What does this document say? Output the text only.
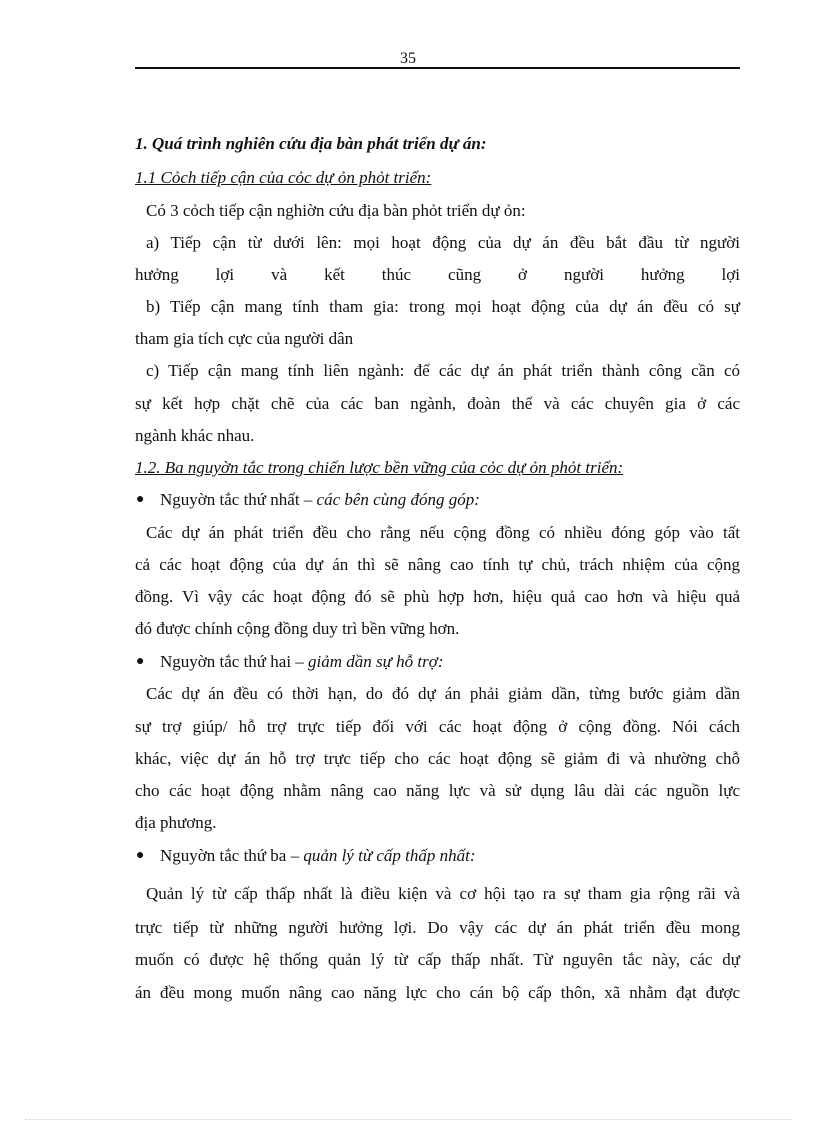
35
1. Quá trình nghiên cứu địa bàn phát triển dự án:
1.1 Cỏch tiếp cận của cỏc dự ỏn phỏt triển:
Có 3 cỏch tiếp cận nghiờn cứu địa bàn phỏt triển dự ỏn:
a) Tiếp cận từ dưới lên: mọi hoạt động của dự án đều bắt đầu từ người
hưởng lợi và kết thúc cũng ở người hưởng lợi
b) Tiếp cận mang tính tham gia: trong mọi hoạt động của dự án đều có sự
tham gia tích cực của người dân
c) Tiếp cận mang tính liên ngành: để các dự án phát triển thành công cần có
sự kết hợp chặt chẽ của các ban ngành, đoàn thể và các chuyên gia ở các
ngành khác nhau.
1.2. Ba nguyờn tắc trong chiến lược bền vững của cỏc dự ỏn phỏt triển:
● Nguyờn tắc thứ nhất – các bên cùng đóng góp:
Các dự án phát triển đều cho rằng nếu cộng đồng có nhiều đóng góp vào tất
cả các hoạt động của dự án thì sẽ nâng cao tính tự chủ, trách nhiệm của cộng
đồng. Vì vậy các hoạt động đó sẽ phù hợp hơn, hiệu quả cao hơn và hiệu quả
đó được chính cộng đồng duy trì bền vững hơn.
● Nguyờn tắc thứ hai – giảm dần sự hỗ trợ:
Các dự án đều có thời hạn, do đó dự án phải giảm dần, từng bước giảm dần
sự trợ giúp/ hỗ trợ trực tiếp đối với các hoạt động ở cộng đồng. Nói cách
khác, việc dự án hỗ trợ trực tiếp cho các hoạt động sẽ giảm đi và nhường chỗ
cho các hoạt động nhằm nâng cao năng lực và sử dụng lâu dài các nguồn lực
địa phương.
● Nguyờn tắc thứ ba – quản lý từ cấp thấp nhất:
Quản lý từ cấp thấp nhất là điều kiện và cơ hội tạo ra sự tham gia rộng rãi và
trực tiếp từ những người hưởng lợi. Do vậy các dự án phát triển đều mong
muốn có được hệ thống quản lý từ cấp thấp nhất. Từ nguyên tắc này, các dự
án đều mong muốn nâng cao năng lực cho cán bộ cấp thôn, xã nhằm đạt được
